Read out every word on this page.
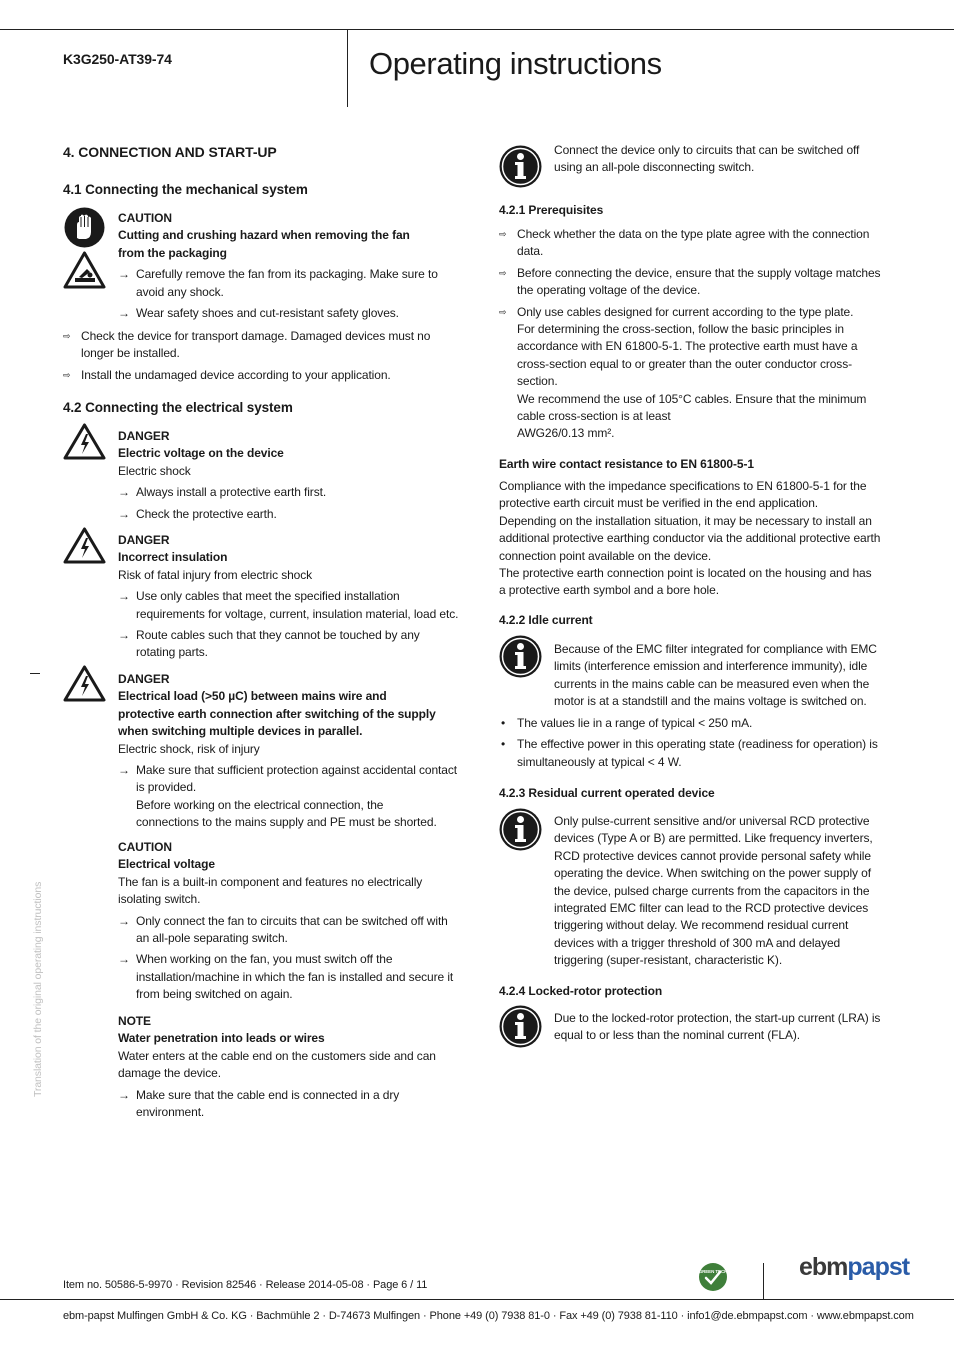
K3G250-AT39-74	Operating instructions
Translation of the original operating instructions
4. CONNECTION AND START-UP
4.1 Connecting the mechanical system
CAUTION
Cutting and crushing hazard when removing the fan
from the packaging
→ Carefully remove the fan from its packaging. Make sure to
avoid any shock.
→ Wear safety shoes and cut-resistant safety gloves.
⇨ Check the device for transport damage. Damaged devices must no
longer be installed.
⇨ Install the undamaged device according to your application.
4.2 Connecting the electrical system
DANGER
Electric voltage on the device
Electric shock
→ Always install a protective earth first.
→ Check the protective earth.
DANGER
Incorrect insulation
Risk of fatal injury from electric shock
→ Use only cables that meet the specified installation
requirements for voltage, current, insulation material, load etc.
→ Route cables such that they cannot be touched by any
rotating parts.
DANGER
Electrical load (>50 µC) between mains wire and
protective earth connection after switching of the supply
when switching multiple devices in parallel.
Electric shock, risk of injury
→ Make sure that sufficient protection against accidental contact
is provided.
Before working on the electrical connection, the
connections to the mains supply and PE must be shorted.
CAUTION
Electrical voltage
The fan is a built-in component and features no electrically
isolating switch.
→ Only connect the fan to circuits that can be switched off with
an all-pole separating switch.
→ When working on the fan, you must switch off the
installation/machine in which the fan is installed and secure it
from being switched on again.
NOTE
Water penetration into leads or wires
Water enters at the cable end on the customers side and can
damage the device.
→ Make sure that the cable end is connected in a dry
environment.
Connect the device only to circuits that can be switched off
using an all-pole disconnecting switch.
4.2.1 Prerequisites
⇨ Check whether the data on the type plate agree with the connection
data.
⇨ Before connecting the device, ensure that the supply voltage matches
the operating voltage of the device.
⇨ Only use cables designed for current according to the type plate.
For determining the cross-section, follow the basic principles in
accordance with EN 61800-5-1. The protective earth must have a
cross-section equal to or greater than the outer conductor cross-
section.
We recommend the use of 105°C cables. Ensure that the minimum
cable cross-section is at least
AWG26/0.13 mm².
Earth wire contact resistance to EN 61800-5-1
Compliance with the impedance specifications to EN 61800-5-1 for the
protective earth circuit must be verified in the end application.
Depending on the installation situation, it may be necessary to install an
additional protective earthing conductor via the additional protective earth
connection point available on the device.
The protective earth connection point is located on the housing and has
a protective earth symbol and a bore hole.
4.2.2 Idle current
Because of the EMC filter integrated for compliance with EMC
limits (interference emission and interference immunity), idle
currents in the mains cable can be measured even when the
motor is at a standstill and the mains voltage is switched on.
• The values lie in a range of typical < 250 mA.
• The effective power in this operating state (readiness for operation) is
simultaneously at typical < 4 W.
4.2.3 Residual current operated device
Only pulse-current sensitive and/or universal RCD protective
devices (Type A or B) are permitted. Like frequency inverters,
RCD protective devices cannot provide personal safety while
operating the device. When switching on the power supply of
the device, pulsed charge currents from the capacitors in the
integrated EMC filter can lead to the RCD protective devices
triggering without delay. We recommend residual current
devices with a trigger threshold of 300 mA and delayed
triggering (super-resistant, characteristic K).
4.2.4 Locked-rotor protection
Due to the locked-rotor protection, the start-up current (LRA) is
equal to or less than the nominal current (FLA).
Item no. 50586-5-9970 · Revision 82546 · Release 2014-05-08 · Page 6 / 11
GREEN TECH	ebmpapst
ebm-papst Mulfingen GmbH & Co. KG · Bachmühle 2 · D-74673 Mulfingen · Phone +49 (0) 7938 81-0 · Fax +49 (0) 7938 81-110 · info1@de.ebmpapst.com · www.ebmpapst.com
